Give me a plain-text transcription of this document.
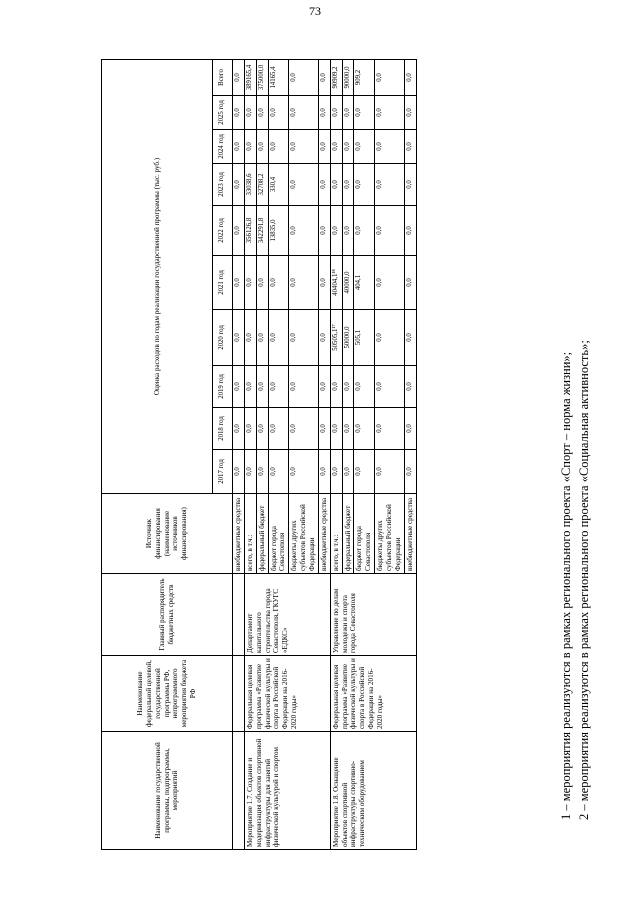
73
Наименование государственной программы, подпрограммы, мероприятий	Наименование федеральной целевой, государственной программы РФ, непрограммного мероприятия бюджета РФ	Главный распорядитель бюджетных средств	Источник финансирования (наименование источников финансирования)	Оценка расходов по годам реализации государственной программы (тыс. руб.)									
				2017 год	2018 год	2019 год	2020 год	2021 год	2022 год	2023 год	2024 год	2025 год	Всего
			внебюджетные средства	0,0	0,0	0,0	0,0	0,0	0,0	0,0	0,0	0,0	0,0
Мероприятие 1.7. Создание и модернизация объектов спортивной инфраструктуры для занятий физической культурой и спортом	Федеральная целевая программа «Развитие физической культуры и спорта в Российской Федерации на 2016-2020 годы»	Департамент капитального строительства города Севастополя, ГКУГС «ЕДКС»	всего, в т.ч.:	0,0	0,0	0,0	0,0	0,0	356126,8	33038,6	0,0	0,0	389165,4
			федеральный бюджет	0,0	0,0	0,0	0,0	0,0	342291,8	32708,2	0,0	0,0	375000,0
			бюджет города Севастополя	0,0	0,0	0,0	0,0	0,0	13835,0	330,4	0,0	0,0	14165,4
			бюджеты других субъектов Российской Федерации	0,0	0,0	0,0	0,0	0,0	0,0	0,0	0,0	0,0	0,0
			внебюджетные средства	0,0	0,0	0,0	0,0	0,0	0,0	0,0	0,0	0,0	0,0
Мероприятие 1.8. Оснащение объектов спортивной инфраструктуры спортивно-техническим оборудованием	Федеральная целевая программа «Развитие физической культуры и спорта в Российской Федерации на 2016-2020 годы»	Управление по делам молодежи и спорта города Севастополя	всего, в т.ч.:	0,0	0,0	0,0	50505,1¹⁷	40404,1¹⁸	0,0	0,0	0,0	0,0	90909,2
			федеральный бюджет	0,0	0,0	0,0	50000,0	40000,0	0,0	0,0	0,0	0,0	90000,0
			бюджет города Севастополя	0,0	0,0	0,0	505,1	404,1	0,0	0,0	0,0	0,0	909,2
			бюджеты других субъектов Российской Федерации	0,0	0,0	0,0	0,0	0,0	0,0	0,0	0,0	0,0	0,0
			внебюджетные средства	0,0	0,0	0,0	0,0	0,0	0,0	0,0	0,0	0,0	0,0

1 – мероприятия реализуются в рамках регионального проекта «Спорт – норма жизни»; 2 – мероприятия реализуются в рамках регионального проекта «Социальная активность»;
